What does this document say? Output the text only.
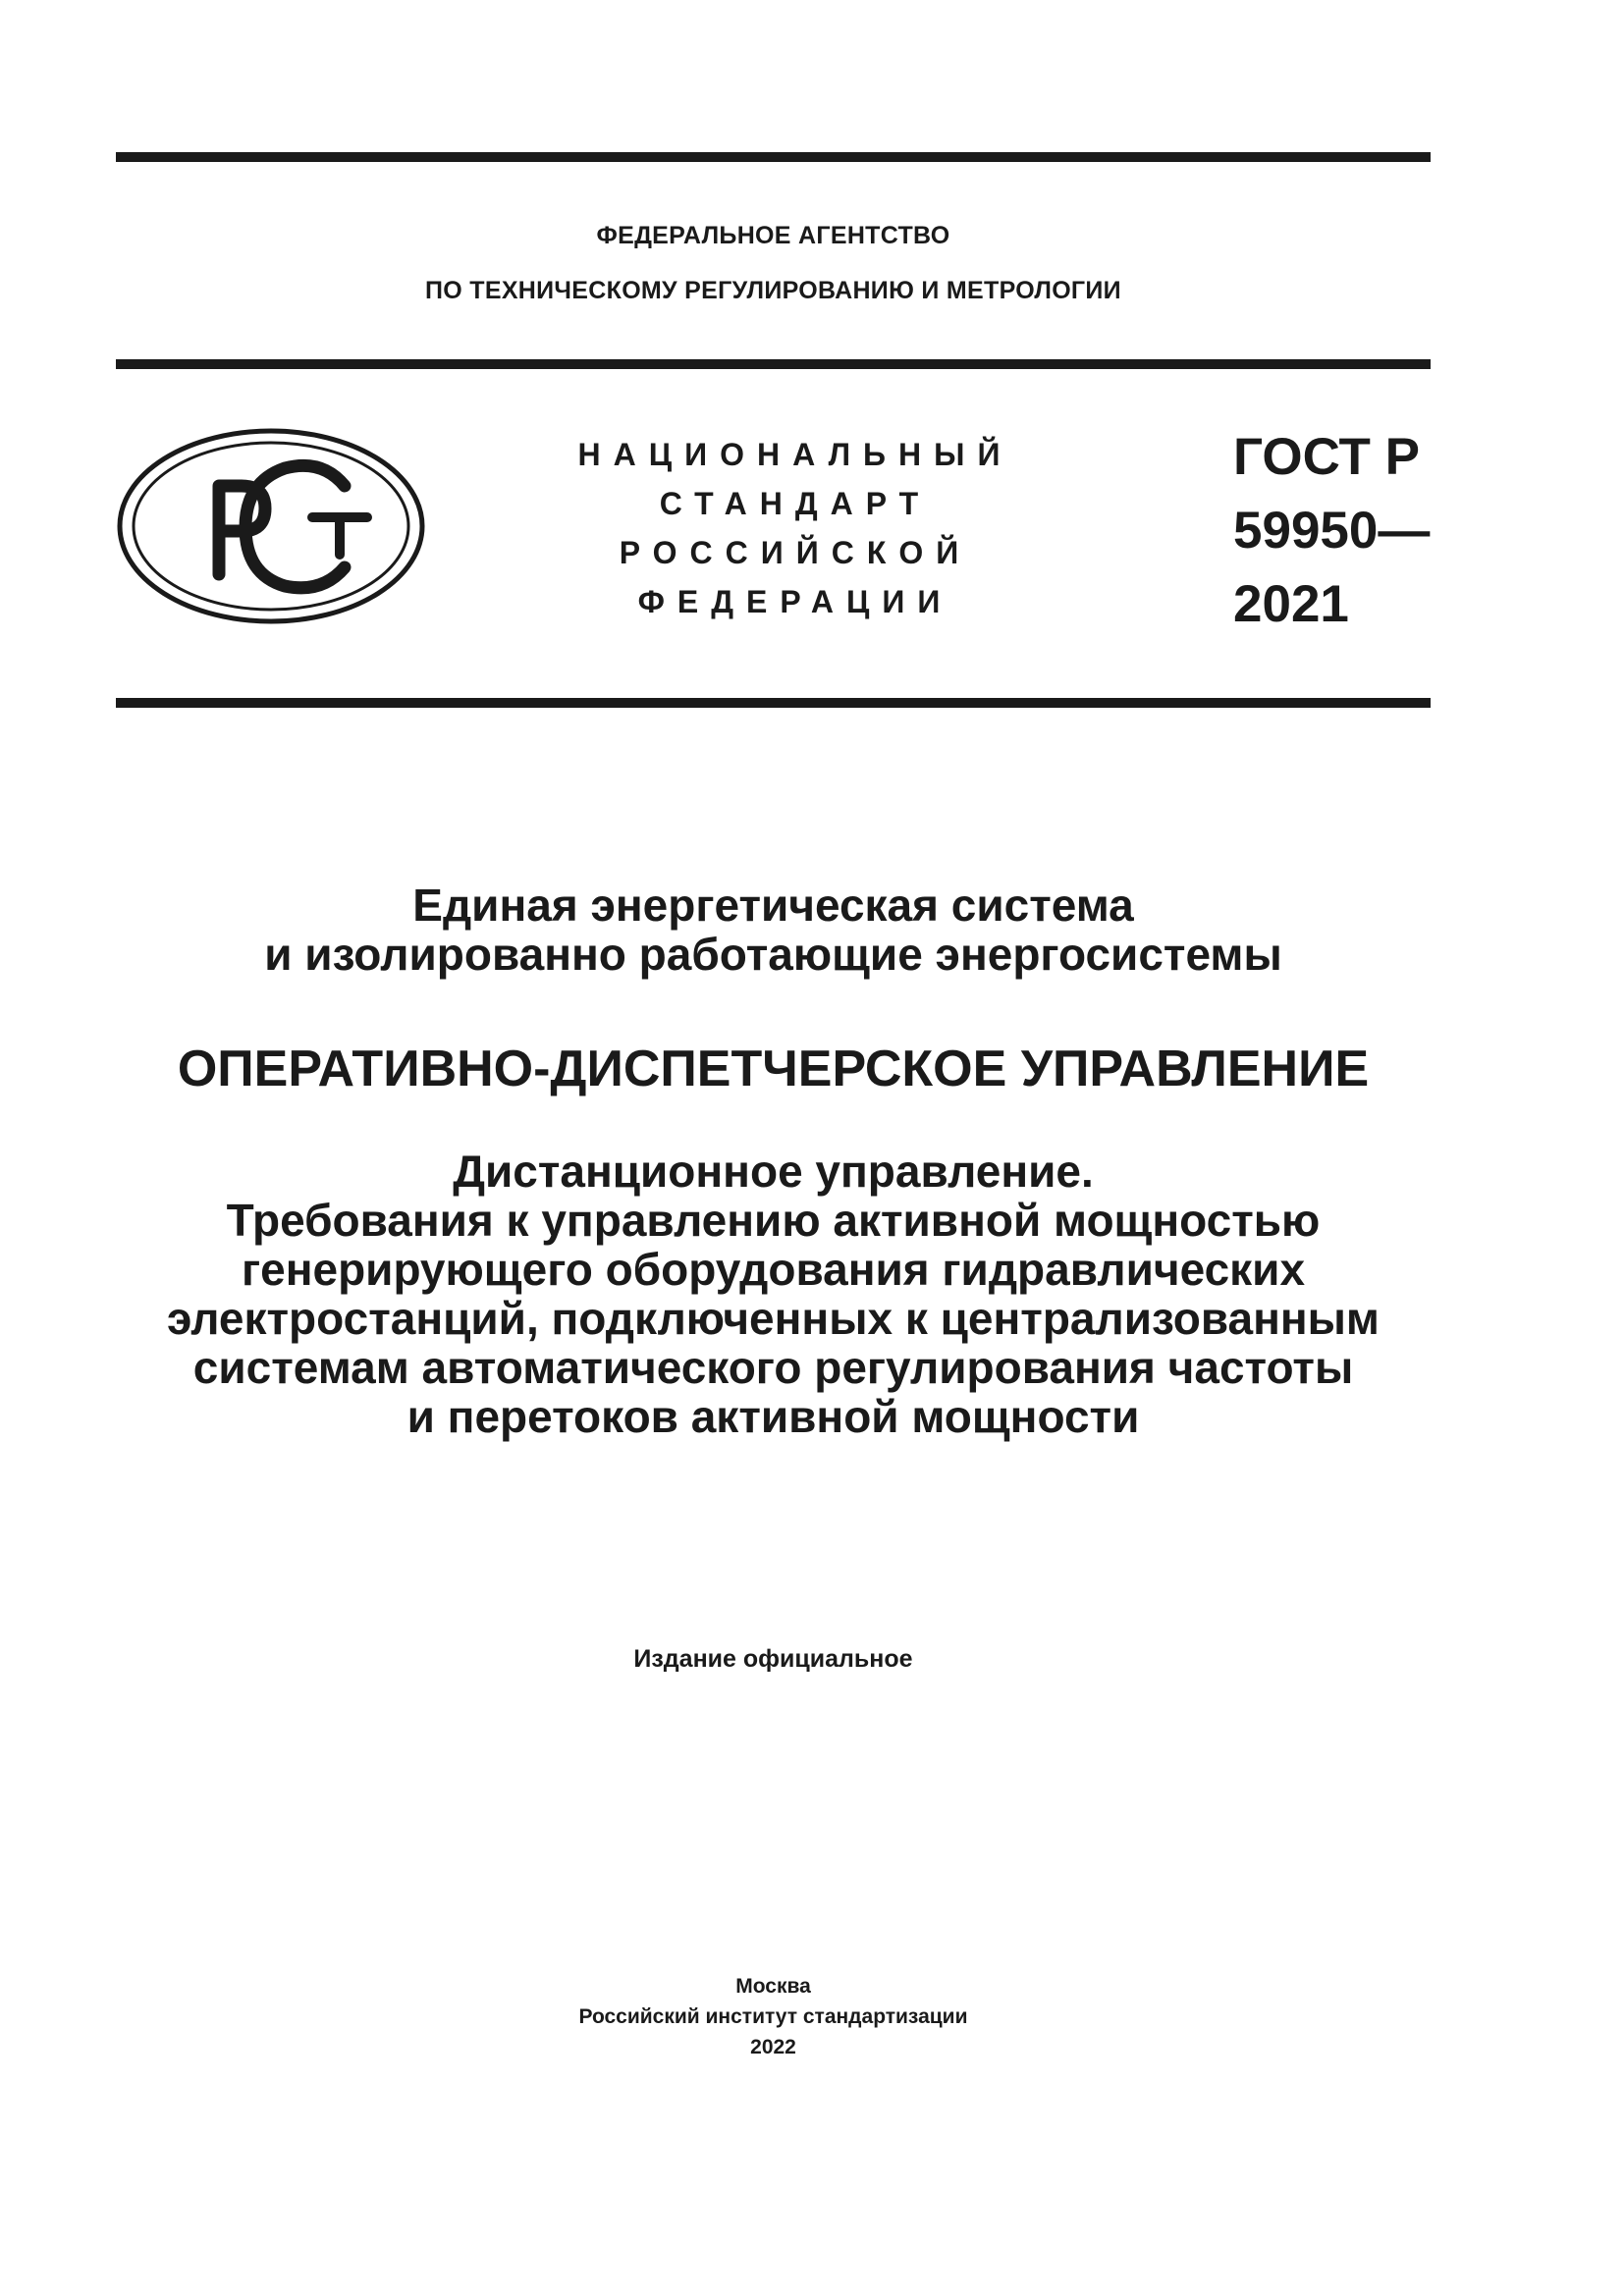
ФЕДЕРАЛЬНОЕ АГЕНТСТВО
ПО ТЕХНИЧЕСКОМУ РЕГУЛИРОВАНИЮ И МЕТРОЛОГИИ
НАЦИОНАЛЬНЫЙ
СТАНДАРТ
РОССИЙСКОЙ
ФЕДЕРАЦИИ
ГОСТ Р
59950—
2021
Единая энергетическая система
и изолированно работающие энергосистемы
ОПЕРАТИВНО-ДИСПЕТЧЕРСКОЕ УПРАВЛЕНИЕ
Дистанционное управление.
Требования к управлению активной мощностью
генерирующего оборудования гидравлических
электростанций, подключенных к централизованным
системам автоматического регулирования частоты
и перетоков активной мощности
Издание официальное
Москва
Российский институт стандартизации
2022
